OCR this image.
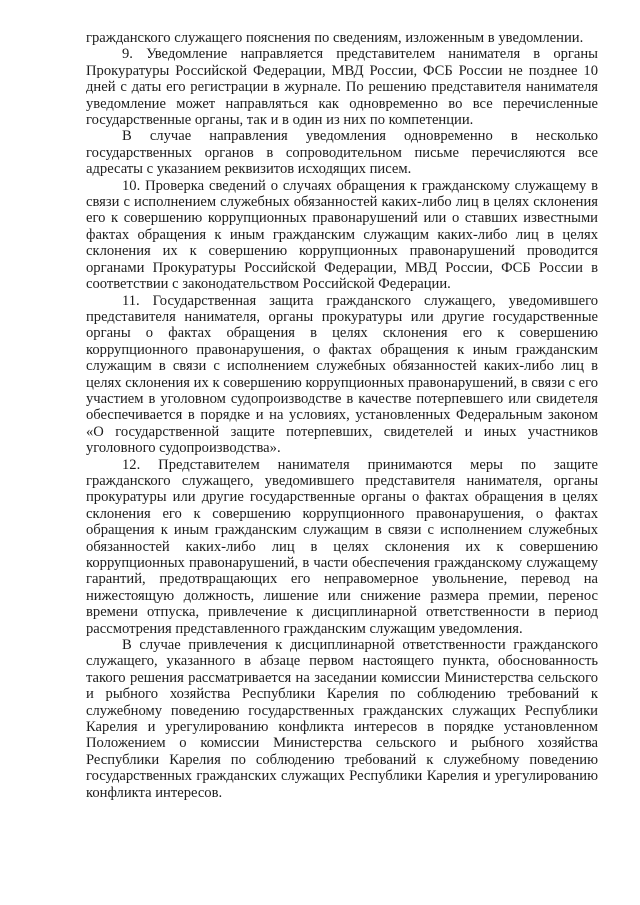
гражданского служащего пояснения по сведениям, изложенным в уведомлении.

9. Уведомление направляется представителем нанимателя в органы Прокуратуры Российской Федерации, МВД России, ФСБ России не позднее 10 дней с даты его регистрации в журнале. По решению представителя нанимателя уведомление может направляться как одновременно во все перечисленные государственные органы, так и в один из них по компетенции.

В случае направления уведомления одновременно в несколько государственных органов в сопроводительном письме перечисляются все адресаты с указанием реквизитов исходящих писем.

10. Проверка сведений о случаях обращения к гражданскому служащему в связи с исполнением служебных обязанностей каких-либо лиц в целях склонения его к совершению коррупционных правонарушений или о ставших известными фактах обращения к иным гражданским служащим каких-либо лиц в целях склонения их к совершению коррупционных правонарушений проводится органами Прокуратуры Российской Федерации, МВД России, ФСБ России в соответствии с законодательством Российской Федерации.

11. Государственная защита гражданского служащего, уведомившего представителя нанимателя, органы прокуратуры или другие государственные органы о фактах обращения в целях склонения его к совершению коррупционного правонарушения, о фактах обращения к иным гражданским служащим в связи с исполнением служебных обязанностей каких-либо лиц в целях склонения их к совершению коррупционных правонарушений, в связи с его участием в уголовном судопроизводстве в качестве потерпевшего или свидетеля обеспечивается в порядке и на условиях, установленных Федеральным законом «О государственной защите потерпевших, свидетелей и иных участников уголовного судопроизводства».

12. Представителем нанимателя принимаются меры по защите гражданского служащего, уведомившего представителя нанимателя, органы прокуратуры или другие государственные органы о фактах обращения в целях склонения его к совершению коррупционного правонарушения, о фактах обращения к иным гражданским служащим в связи с исполнением служебных обязанностей каких-либо лиц в целях склонения их к совершению коррупционных правонарушений, в части обеспечения гражданскому служащему гарантий, предотвращающих его неправомерное увольнение, перевод на нижестоящую должность, лишение или снижение размера премии, перенос времени отпуска, привлечение к дисциплинарной ответственности в период рассмотрения представленного гражданским служащим уведомления.

В случае привлечения к дисциплинарной ответственности гражданского служащего, указанного в абзаце первом настоящего пункта, обоснованность такого решения рассматривается на заседании комиссии Министерства сельского и рыбного хозяйства Республики Карелия по соблюдению требований к служебному поведению государственных гражданских служащих Республики Карелия и урегулированию конфликта интересов в порядке установленном Положением о комиссии Министерства сельского и рыбного хозяйства Республики Карелия по соблюдению требований к служебному поведению государственных гражданских служащих Республики Карелия и урегулированию конфликта интересов.
